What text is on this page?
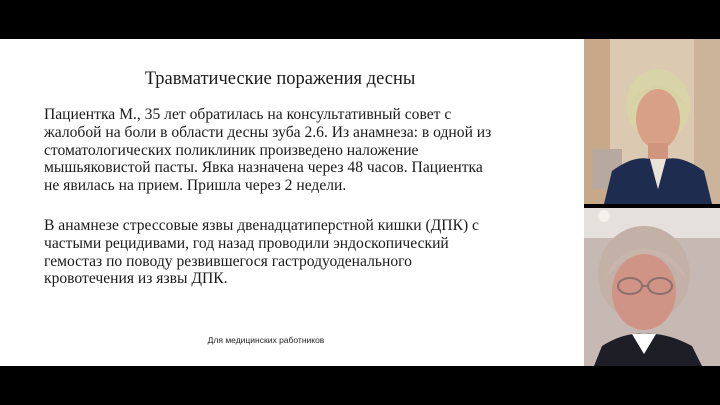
Травматические поражения десны
Пациентка М., 35 лет обратилась на консультативный совет с
жалобой на боли в области десны зуба 2.6. Из анамнеза: в одной из
стоматологических поликлиник произведено наложение
мышьяковистой пасты. Явка назначена через 48 часов. Пациентка
не явилась на прием. Пришла через 2 недели.
В анамнезе стрессовые язвы двенадцатиперстной кишки (ДПК) с
частыми рецидивами, год назад проводили эндоскопический
гемостаз по поводу резвившегося гастродуоденального
кровотечения из язвы ДПК.
Для медицинских работников
